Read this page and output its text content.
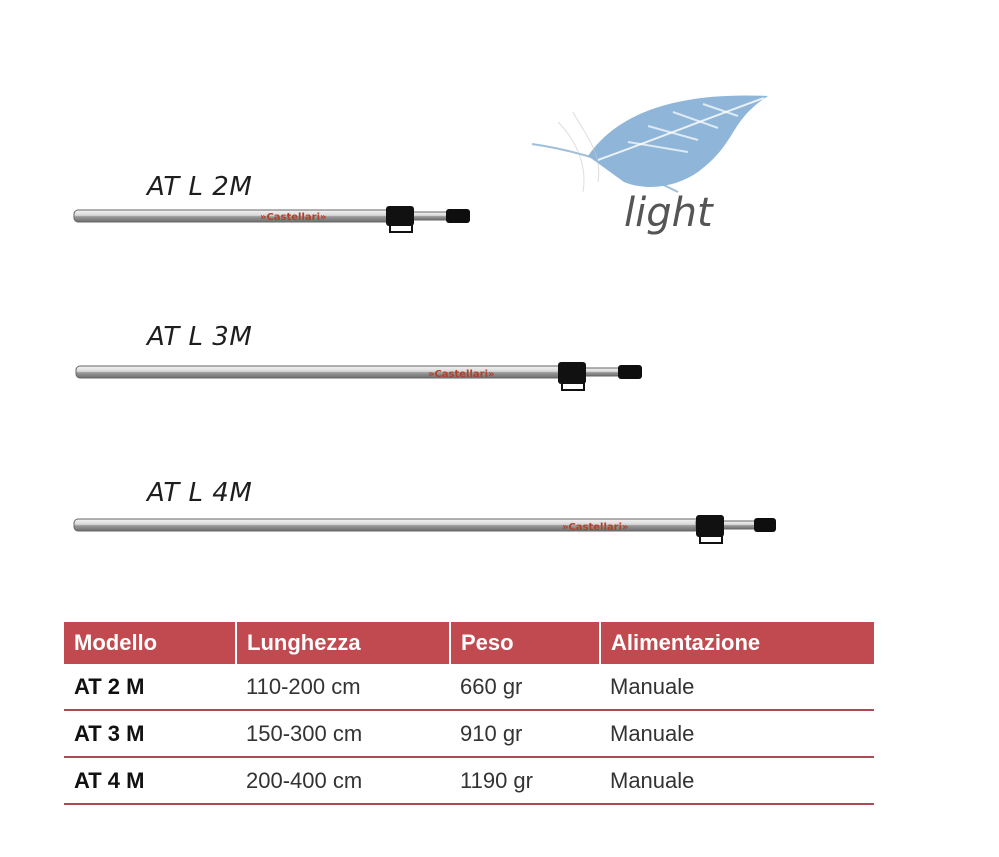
AT L 2M
AT L 3M
AT L 4M
»Castellari»
»Castellari»
»Castellari»
light
Modello	Lunghezza	Peso	Alimentazione
AT 2 M	110-200 cm	660 gr	Manuale
AT 3 M	150-300 cm	910 gr	Manuale
AT 4 M	200-400 cm	1190 gr	Manuale
